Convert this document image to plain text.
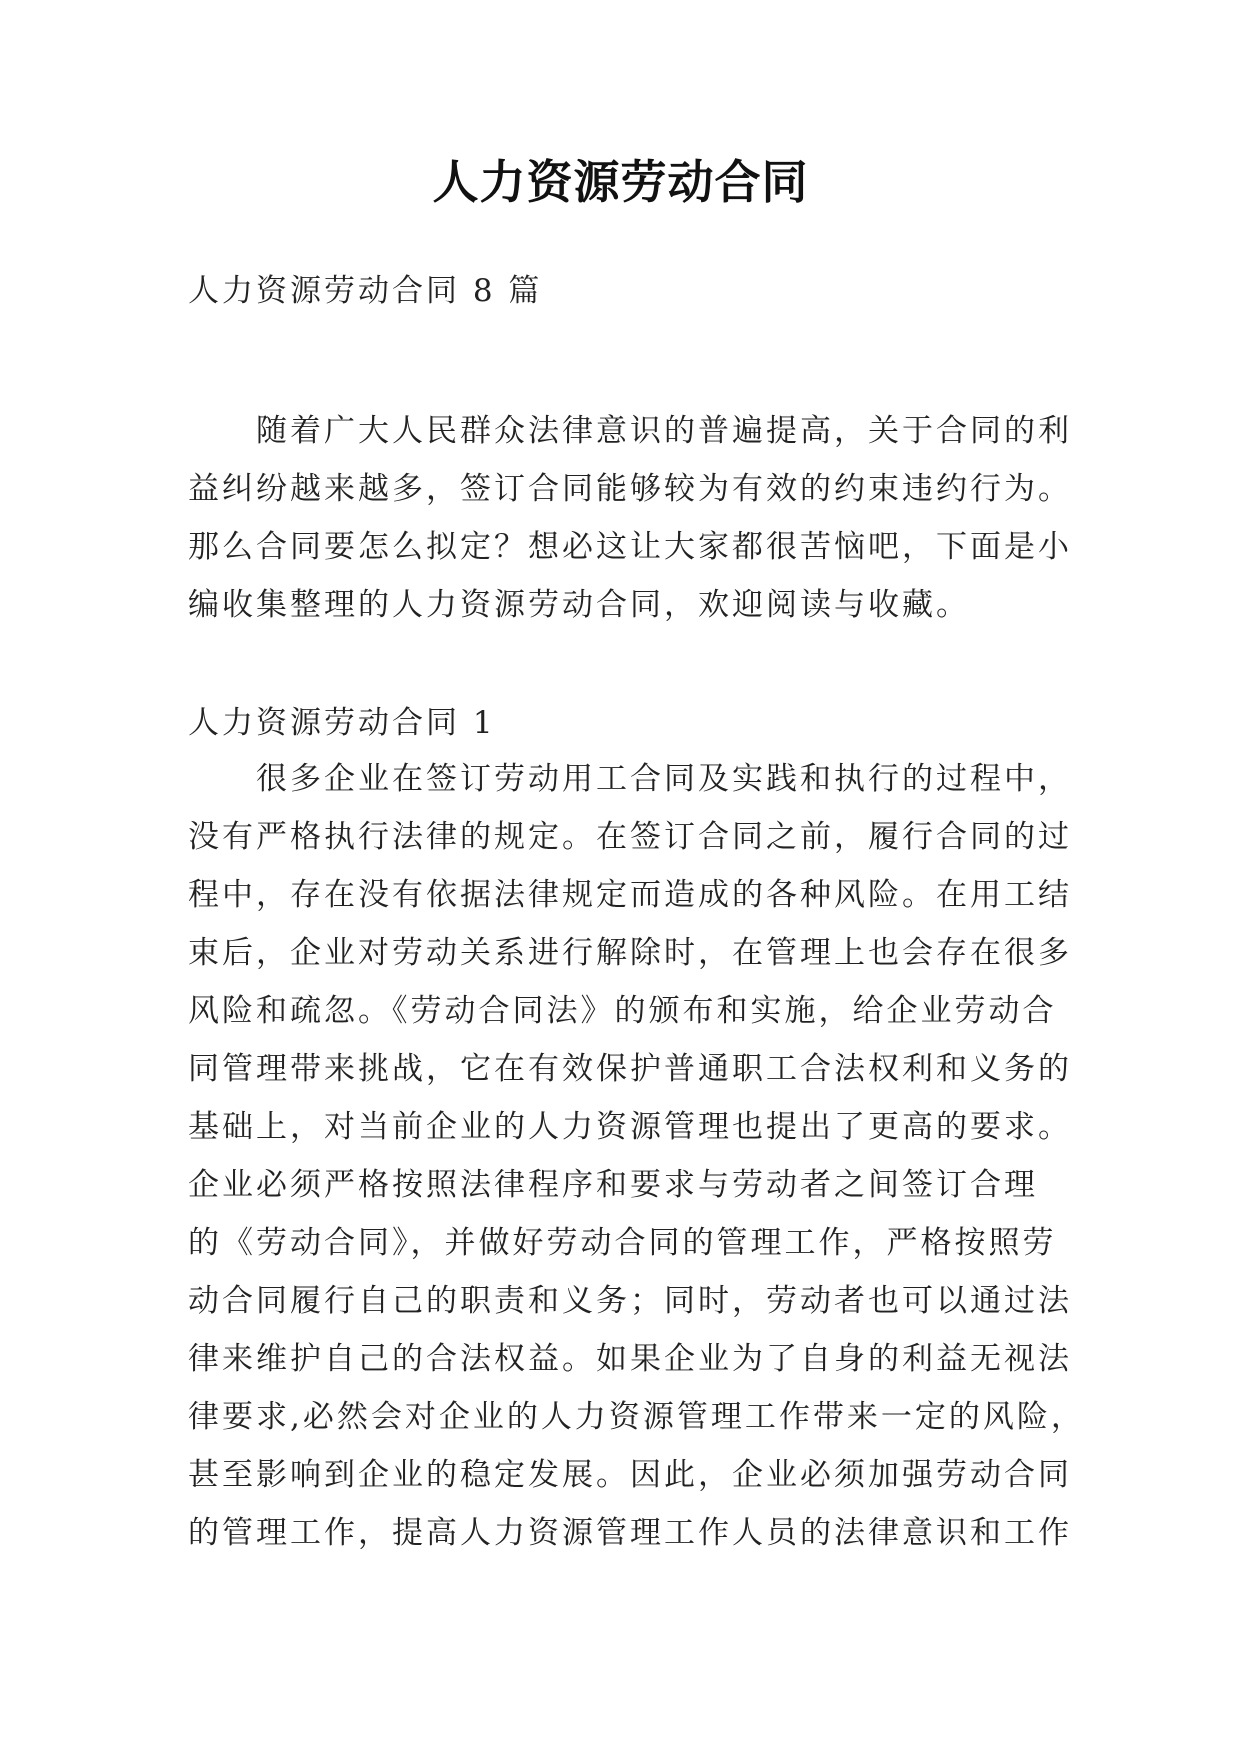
人力资源劳动合同

人力资源劳动合同 8 篇

随着广大人民群众法律意识的普遍提高，关于合同的利
益纠纷越来越多，签订合同能够较为有效的约束违约行为。
那么合同要怎么拟定？想必这让大家都很苦恼吧，下面是小
编收集整理的人力资源劳动合同，欢迎阅读与收藏。

人力资源劳动合同 1

很多企业在签订劳动用工合同及实践和执行的过程中，
没有严格执行法律的规定。在签订合同之前，履行合同的过
程中，存在没有依据法律规定而造成的各种风险。在用工结
束后，企业对劳动关系进行解除时，在管理上也会存在很多
风险和疏忽。《劳动合同法》的颁布和实施，给企业劳动合
同管理带来挑战，它在有效保护普通职工合法权利和义务的
基础上，对当前企业的人力资源管理也提出了更高的要求。
企业必须严格按照法律程序和要求与劳动者之间签订合理
的《劳动合同》，并做好劳动合同的管理工作，严格按照劳
动合同履行自己的职责和义务；同时，劳动者也可以通过法
律来维护自己的合法权益。如果企业为了自身的利益无视法
律要求,必然会对企业的人力资源管理工作带来一定的风险，
甚至影响到企业的稳定发展。因此，企业必须加强劳动合同
的管理工作，提高人力资源管理工作人员的法律意识和工作
